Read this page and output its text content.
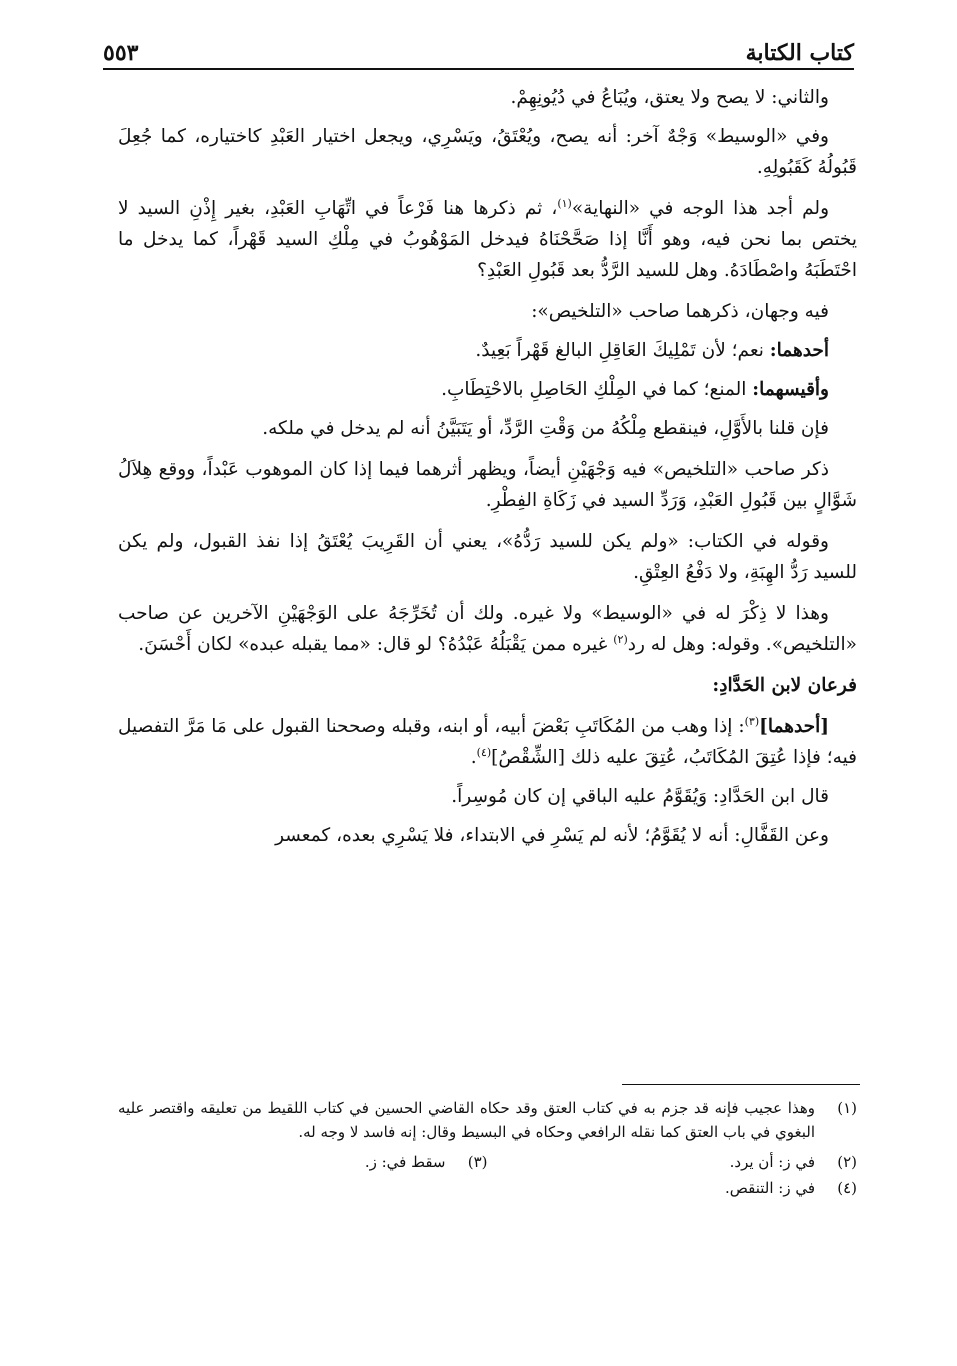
كتاب الكتابة
٥٥٣

والثاني: لا يصح ولا يعتق، ويُبَاعُ في دُيُونِهِمْ.

وفي «الوسيط» وَجْهٌ آخر: أنه يصح، ويُعْتَقُ، ويَسْرِي، ويجعل اختيار العَبْدِ كاختياره، كما جُعِلَ قَبُولُهُ كَقَبُولِهِ.

ولم أجد هذا الوجه في «النهاية»$^{(١)}$، ثم ذكرها هنا فَرْعاً في اتِّهَابِ العَبْدِ، بغير إِذْنِ السيد لا يختص بما نحن فيه، وهو أَنَّا إذا صَحَّحْنَاهُ فيدخل المَوْهُوبُ في مِلْكِ السيد قَهْراً، كما يدخل ما احْتَطَبَهُ واصْطَادَهُ. وهل للسيد الرَّدُّ بعد قَبُولِ العَبْدِ؟

فيه وجهان، ذكرهما صاحب «التلخيص»:

أحدهما: نعم؛ لأن تَمْلِيكَ العَاقِلِ البالغ قَهْراً بَعِيدٌ.

وأقيسهما: المنع؛ كما في المِلْكِ الحَاصِلِ بالاحْتِطَابِ.

فإن قلنا بالأَوَّلِ، فينقطع مِلْكُهُ من وَقْتِ الرَّدِّ، أو يَتَبَيَّنُ أنه لم يدخل في ملكه.

ذكر صاحب «التلخيص» فيه وَجْهَيْنِ أيضاً، ويظهر أثرهما فيما إذا كان الموهوب عَبْداً، ووقع هِلاَلُ شَوَّالٍ بين قَبُولِ العَبْدِ، وَرَدِّ السيد في زَكَاةِ الفِطْرِ.

وقوله في الكتاب: «ولم يكن للسيد رَدُّهُ»، يعني أن القَرِيبَ يُعْتَقُ إذا نفذ القبول، ولم يكن للسيد رَدُّ الهِبَةِ، ولا دَفْعُ العِتْقِ.

وهذا لا ذِكْرَ له في «الوسيط» ولا غيره. ولك أن تُخَرِّجَهُ على الوَجْهَيْنِ الآخرين عن صاحب «التلخيص». وقوله: وهل له رد$^{(٢)}$ غيره ممن يَقْبَلُهُ عَبْدُهُ؟ لو قال: «مما يقبله عبده» لكان أَحْسَنَ.

فرعان لابن الحَدَّادِ:

[أحدهما]$^{(٣)}$: إذا وهب من المُكَاتَبِ بَعْضَ أبيه، أو ابنه، وقبله وصححنا القبول على مَا مَرَّ التفصيل فيه؛ فإذا عُتِقَ المُكَاتَبُ، عُتِقَ عليه ذلك [الشِّقْصُ]$^{(٤)}$.

قال ابن الحَدَّادِ: وَيُقَوَّمُ عليه الباقي إن كان مُوسِراً.

وعن القَفَّالِ: أنه لا يُقَوَّمُ؛ لأنه لم يَسْرِ في الابتداء، فلا يَسْرِي بعده، كمعسر

(١)
وهذا عجيب فإنه قد جزم به في كتاب العتق وقد حكاه القاضي الحسين في كتاب اللقيط من تعليقه واقتصر عليه البغوي في باب العتق كما نقله الرافعي وحكاه في البسيط وقال: إنه فاسد لا وجه له.
(٢)
في ز: أن يرد.
(٣)
سقط في: ز.
(٤)
في ز: التنقص.
